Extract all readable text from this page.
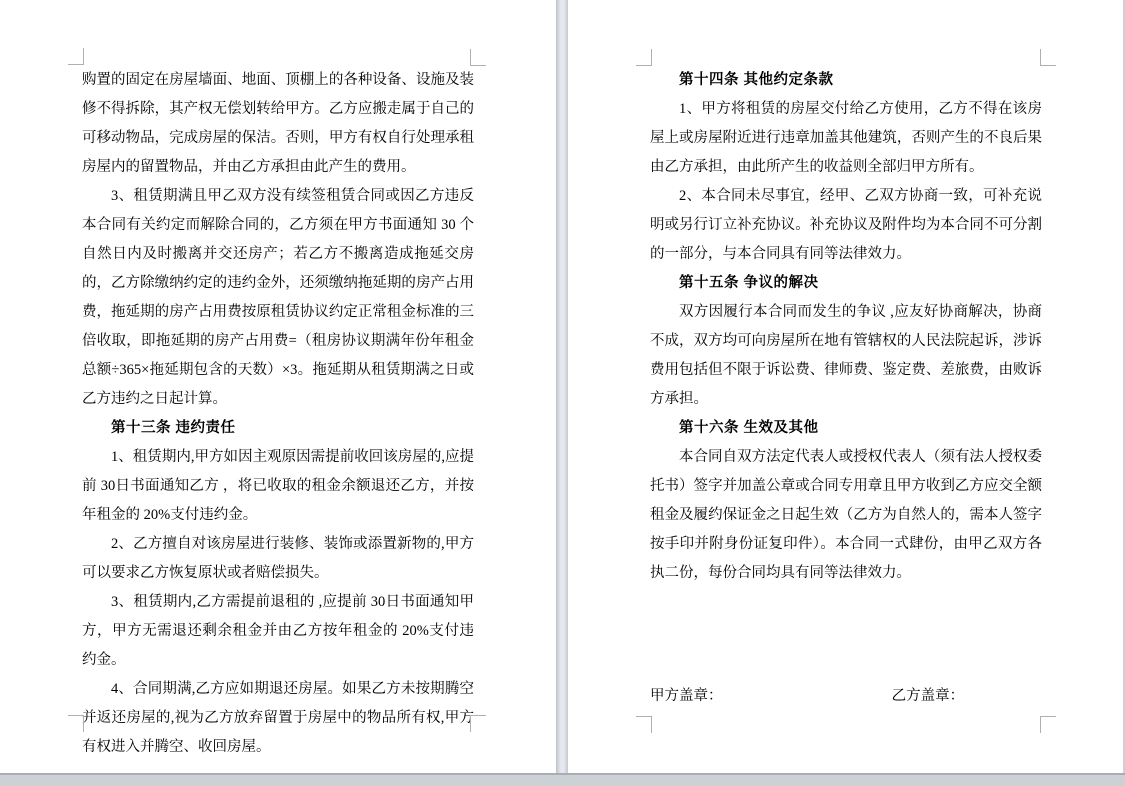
购置的固定在房屋墙面、地面、顶棚上的各种设备、设施及装修不得拆除，其产权无偿划转给甲方。乙方应搬走属于自己的可移动物品，完成房屋的保洁。否则，甲方有权自行处理承租房屋内的留置物品，并由乙方承担由此产生的费用。

3、租赁期满且甲乙双方没有续签租赁合同或因乙方违反本合同有关约定而解除合同的，乙方须在甲方书面通知 30 个自然日内及时搬离并交还房产；若乙方不搬离造成拖延交房的，乙方除缴纳约定的违约金外，还须缴纳拖延期的房产占用费，拖延期的房产占用费按原租赁协议约定正常租金标准的三倍收取，即拖延期的房产占用费=（租房协议期满年份年租金总额÷365×拖延期包含的天数）×3。拖延期从租赁期满之日或乙方违约之日起计算。

第十三条 违约责任

1、租赁期内,甲方如因主观原因需提前收回该房屋的,应提前 30日书面通知乙方 ，将已收取的租金余额退还乙方，并按年租金的 20%支付违约金。

2、乙方擅自对该房屋进行装修、装饰或添置新物的,甲方可以要求乙方恢复原状或者赔偿损失。

3、租赁期内,乙方需提前退租的 ,应提前 30日书面通知甲方，甲方无需退还剩余租金并由乙方按年租金的 20%支付违约金。

4、合同期满,乙方应如期退还房屋。如果乙方未按期腾空并返还房屋的,视为乙方放弃留置于房屋中的物品所有权,甲方有权进入并腾空、收回房屋。

第十四条 其他约定条款

1、甲方将租赁的房屋交付给乙方使用，乙方不得在该房屋上或房屋附近进行违章加盖其他建筑，否则产生的不良后果由乙方承担，由此所产生的收益则全部归甲方所有。

2、本合同未尽事宜，经甲、乙双方协商一致，可补充说明或另行订立补充协议。补充协议及附件均为本合同不可分割的一部分，与本合同具有同等法律效力。

第十五条 争议的解决

双方因履行本合同而发生的争议 ,应友好协商解决，协商不成，双方均可向房屋所在地有管辖权的人民法院起诉，涉诉费用包括但不限于诉讼费、律师费、鉴定费、差旅费，由败诉方承担。

第十六条 生效及其他

本合同自双方法定代表人或授权代表人（须有法人授权委托书）签字并加盖公章或合同专用章且甲方收到乙方应交全额租金及履约保证金之日起生效（乙方为自然人的，需本人签字按手印并附身份证复印件）。本合同一式肆份，由甲乙双方各执二份，每份合同均具有同等法律效力。

甲方盖章：	乙方盖章：
